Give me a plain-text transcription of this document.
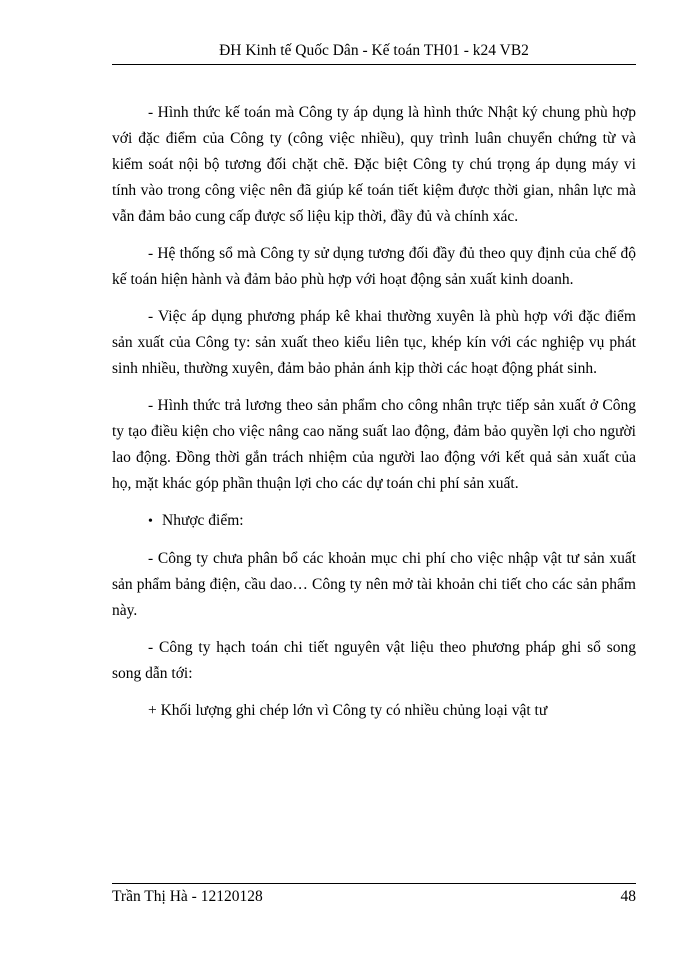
ĐH Kinh tế Quốc Dân - Kế toán TH01 - k24 VB2

- Hình thức kế toán mà Công ty áp dụng là hình thức Nhật ký chung phù hợp với đặc điểm của Công ty (công việc nhiều), quy trình luân chuyển chứng từ và kiểm soát nội bộ tương đối chặt chẽ. Đặc biệt Công ty chú trọng áp dụng máy vi tính vào trong công việc nên đã giúp kế toán tiết kiệm được thời gian, nhân lực mà vẫn đảm bảo cung cấp được số liệu kịp thời, đầy đủ và chính xác.

- Hệ thống sổ mà Công ty sử dụng tương đối đầy đủ theo quy định của chế độ kế toán hiện hành và đảm bảo phù hợp với hoạt động sản xuất kinh doanh.

- Việc áp dụng phương pháp kê khai thường xuyên là phù hợp với đặc điểm sản xuất của Công ty: sản xuất theo kiểu liên tục, khép kín với các nghiệp vụ phát sinh nhiều, thường xuyên, đảm bảo phản ánh kịp thời các hoạt động phát sinh.

- Hình thức trả lương theo sản phẩm cho công nhân trực tiếp sản xuất ở Công ty tạo điều kiện cho việc nâng cao năng suất lao động, đảm bảo quyền lợi cho người lao động. Đồng thời gắn trách nhiệm của người lao động với kết quả sản xuất của họ, mặt khác góp phần thuận lợi cho các dự toán chi phí sản xuất.

• Nhược điểm:

- Công ty chưa phân bổ các khoản mục chi phí cho việc nhập vật tư sản xuất sản phẩm bảng điện, cầu dao… Công ty nên mở tài khoản chi tiết cho các sản phẩm này.

- Công ty hạch toán chi tiết nguyên vật liệu theo phương pháp ghi sổ song song dẫn tới:

+ Khối lượng ghi chép lớn vì Công ty có nhiều chủng loại vật tư

Trần Thị Hà - 12120128	48
